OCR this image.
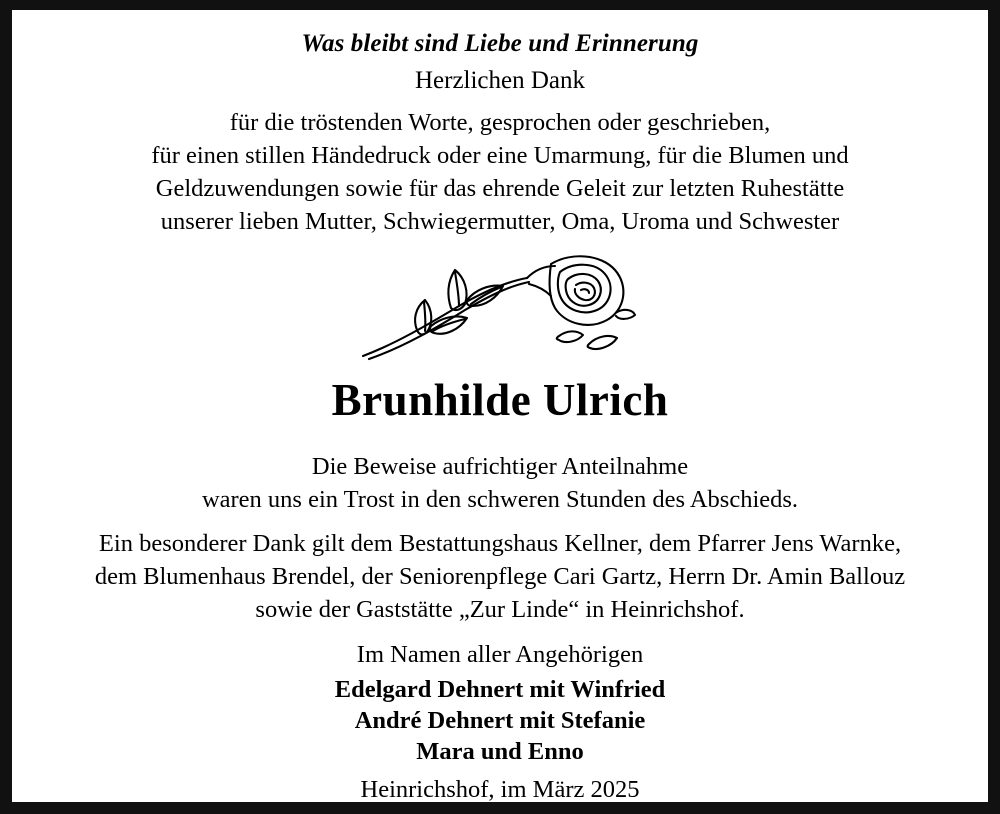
Was bleibt sind Liebe und Erinnerung
Herzlichen Dank
für die tröstenden Worte, gesprochen oder geschrieben,
für einen stillen Händedruck oder eine Umarmung, für die Blumen und
Geldzuwendungen sowie für das ehrende Geleit zur letzten Ruhestätte
unserer lieben Mutter, Schwiegermutter, Oma, Uroma und Schwester
Brunhilde Ulrich
Die Beweise aufrichtiger Anteilnahme
waren uns ein Trost in den schweren Stunden des Abschieds.
Ein besonderer Dank gilt dem Bestattungshaus Kellner, dem Pfarrer Jens Warnke,
dem Blumenhaus Brendel, der Seniorenpflege Cari Gartz, Herrn Dr. Amin Ballouz
sowie der Gaststätte „Zur Linde“ in Heinrichshof.
Im Namen aller Angehörigen
Edelgard Dehnert mit Winfried
André Dehnert mit Stefanie
Mara und Enno
Heinrichshof, im März 2025
